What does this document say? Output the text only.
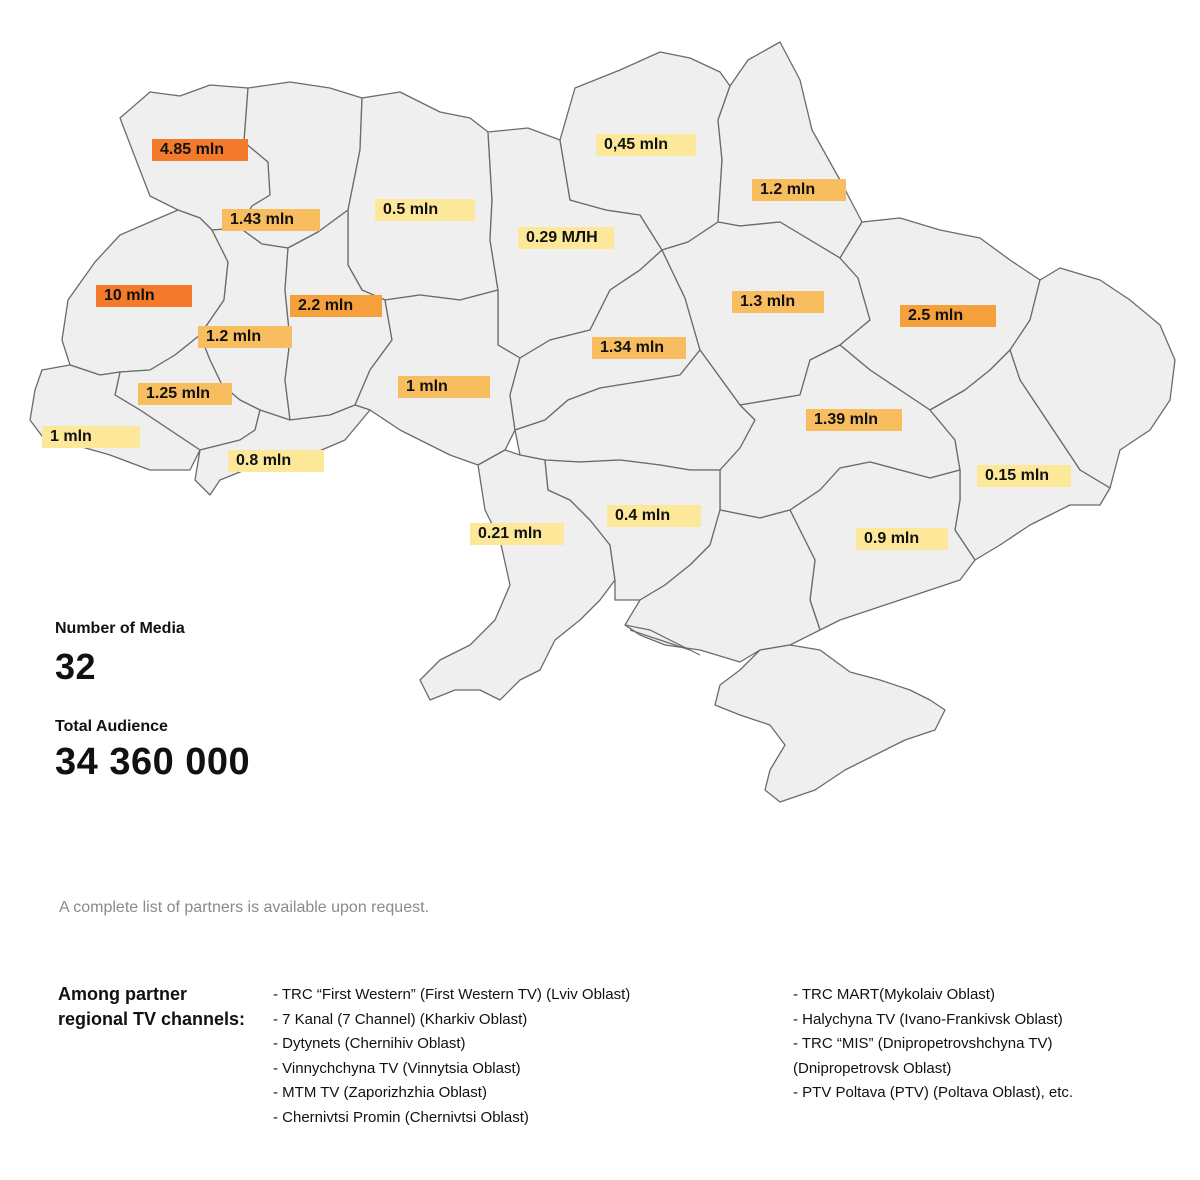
4.85 mln
1.43 mln
0.5 mln
0.29 МЛН
0,45 mln
1.2 mln
10 mln
2.2 mln
1.2 mln
1.3 mln
2.5 mln
1.34 mln
1.25 mln	1 mln
1 mln
0.8 mln
1.39 mln
0.15 mln
0.4 mln
0.21 mln	0.9 mln
Number of Media
32
Total Audience
34 360 000
A complete list of partners is available upon request.
Among partner regional TV channels:
- TRC “First Western” (First Western TV) (Lviv Oblast)
- 7 Kanal (7 Channel) (Kharkiv Oblast)
- Dytynets (Chernihiv Oblast)
- Vinnychchyna TV (Vinnytsia Oblast)
- MTM TV (Zaporizhzhia Oblast)
- Chernivtsi Promin (Chernivtsi Oblast)
- TRC MART(Mykolaiv Oblast)
- Halychyna TV (Ivano-Frankivsk Oblast)
- TRC “MIS” (Dnipropetrovshchyna TV)
(Dnipropetrovsk Oblast)
- PTV Poltava (PTV) (Poltava Oblast), etc.
